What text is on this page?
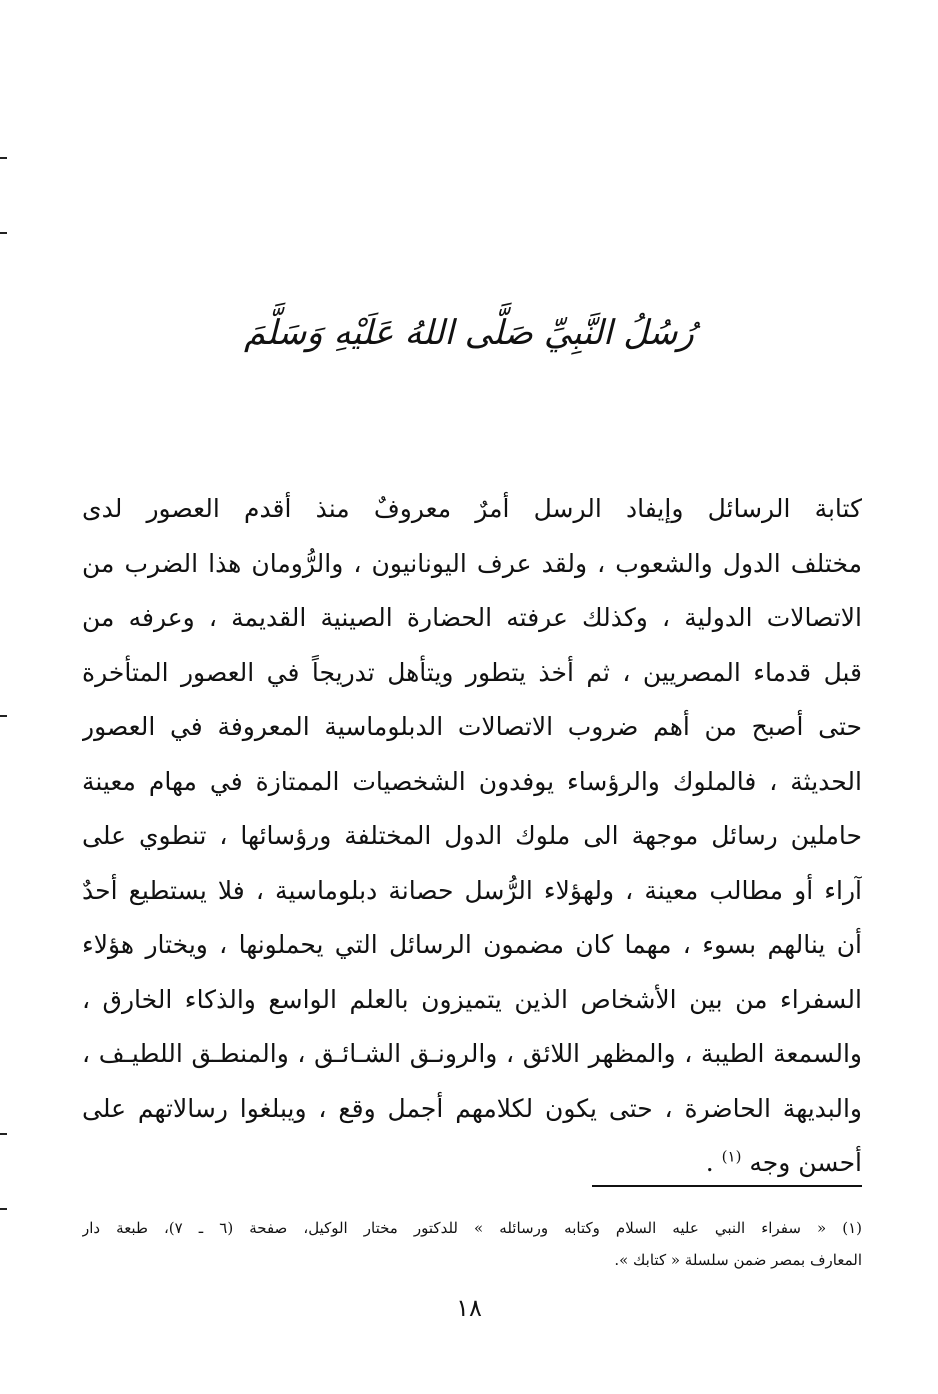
رُسُلُ النَّبِيِّ صَلَّى اللهُ عَلَيْهِ وَسَلَّمَ
كتابة الرسائل وإيفاد الرسل أمرٌ معروفٌ منذ أقدم العصور لدى
مختلف الدول والشعوب ، ولقد عرف اليونانيون ، والرُّومان هذا الضرب من
الاتصالات الدولية ، وكذلك عرفته الحضارة الصينية القديمة ، وعرفه من
قبل قدماء المصريين ، ثم أخذ يتطور ويتأهل تدريجاً في العصور المتأخرة
حتى أصبح من أهم ضروب الاتصالات الدبلوماسية المعروفة في العصور
الحديثة ، فالملوك والرؤساء يوفدون الشخصيات الممتازة في مهام معينة
حاملين رسائل موجهة الى ملوك الدول المختلفة ورؤسائها ، تنطوي على
آراء أو مطالب معينة ، ولهؤلاء الرُّسل حصانة دبلوماسية ، فلا يستطيع أحدٌ
أن ينالهم بسوء ، مهما كان مضمون الرسائل التي يحملونها ، ويختار هؤلاء
السفراء من بين الأشخاص الذين يتميزون بالعلم الواسع والذكاء الخارق ،
والسمعة الطيبة ، والمظهر اللائق ، والرونـق الشـائـق ، والمنطـق اللطيـف ،
والبديهة الحاضرة ، حتى يكون لكلامهم أجمل وقع ، ويبلغوا رسالاتهم على
أحسن وجه $^{(١)}$ .
(١) « سفراء النبي عليه السلام وكتابه ورسائله » للدكتور مختار الوكيل، صفحة (٦ ـ ٧)، طبعة دار
المعارف بمصر ضمن سلسلة « كتابك ».
١٨
